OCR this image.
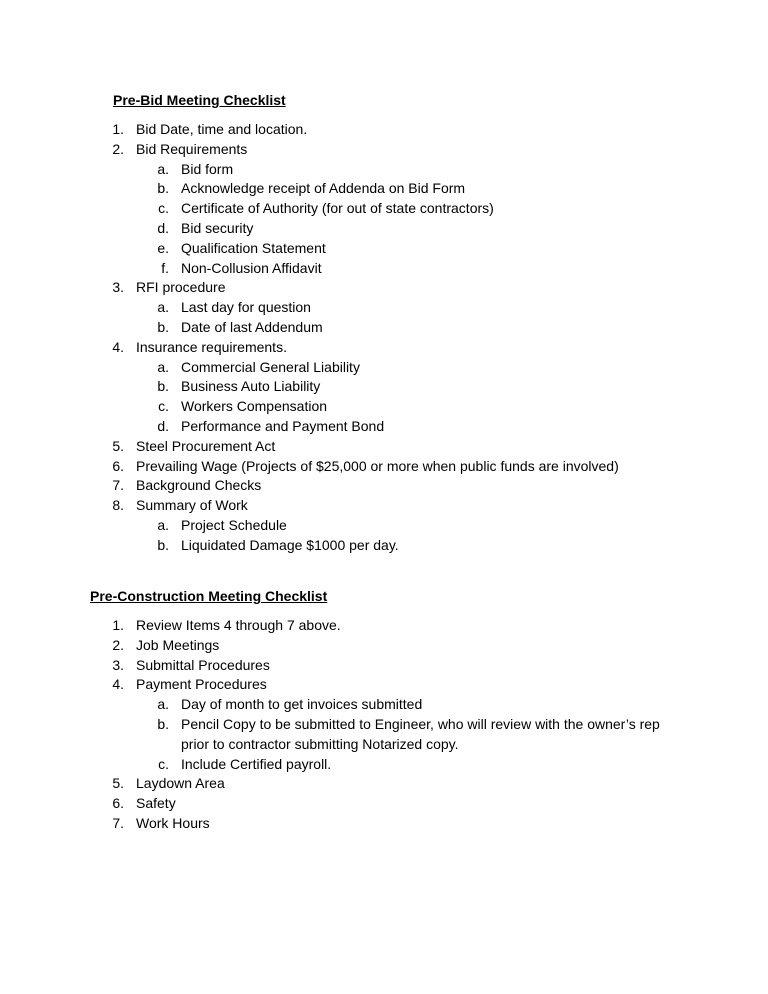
Pre-Bid Meeting Checklist
1. Bid Date, time and location.
2. Bid Requirements
a. Bid form
b. Acknowledge receipt of Addenda on Bid Form
c. Certificate of Authority (for out of state contractors)
d. Bid security
e. Qualification Statement
f. Non-Collusion Affidavit
3. RFI procedure
a. Last day for question
b. Date of last Addendum
4. Insurance requirements.
a. Commercial General Liability
b. Business Auto Liability
c. Workers Compensation
d. Performance and Payment Bond
5. Steel Procurement Act
6. Prevailing Wage (Projects of $25,000 or more when public funds are involved)
7. Background Checks
8. Summary of Work
a. Project Schedule
b. Liquidated Damage $1000 per day.
Pre-Construction Meeting Checklist
1. Review Items 4 through 7 above.
2. Job Meetings
3. Submittal Procedures
4. Payment Procedures
a. Day of month to get invoices submitted
b. Pencil Copy to be submitted to Engineer, who will review with the owner’s rep
prior to contractor submitting Notarized copy.
c. Include Certified payroll.
5. Laydown Area
6. Safety
7. Work Hours
